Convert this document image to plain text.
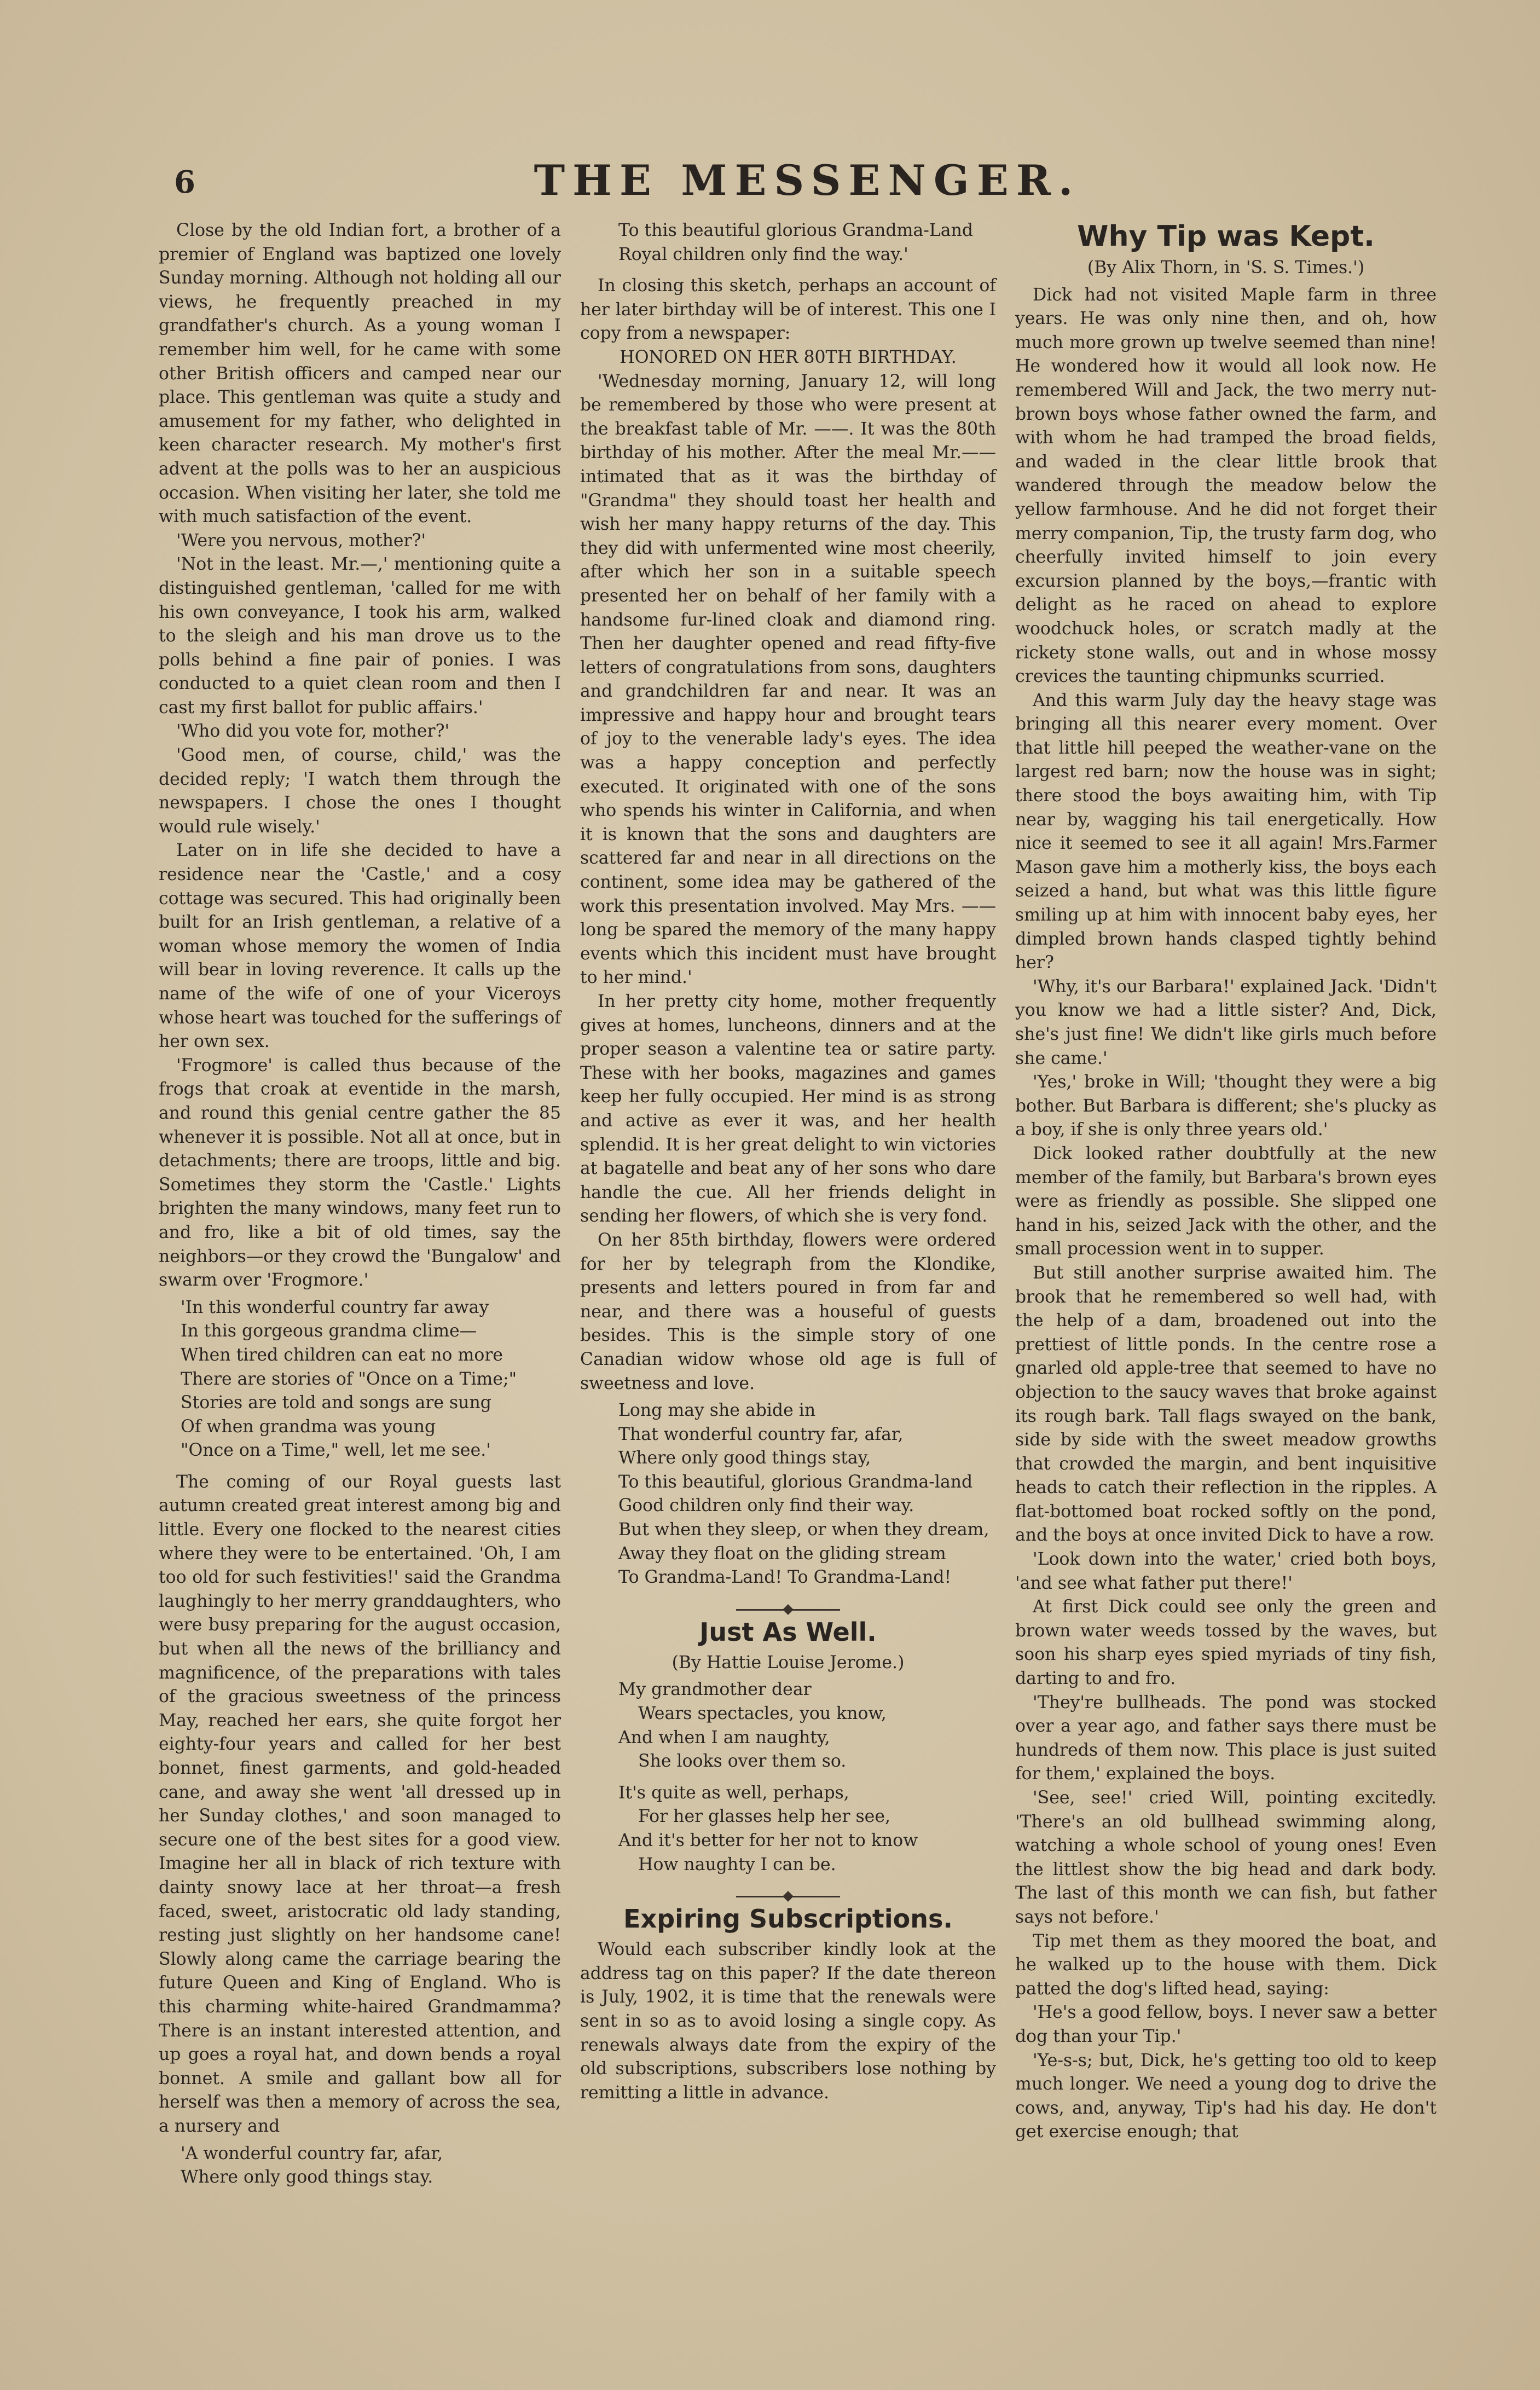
6	THE MESSENGER.

Close by the old Indian fort, a brother of a premier of England was baptized one lovely Sunday morning. Although not holding all our views, he frequently preached in my grandfather's church. As a young woman I remember him well, for he came with some other British officers and camped near our place. This gentleman was quite a study and amusement for my father, who delighted in keen character research. My mother's first advent at the polls was to her an auspicious occasion. When visiting her later, she told me with much satisfaction of the event.

'Were you nervous, mother?'

'Not in the least. Mr.—,' mentioning quite a distinguished gentleman, 'called for me with his own conveyance, I took his arm, walked to the sleigh and his man drove us to the polls behind a fine pair of ponies. I was conducted to a quiet clean room and then I cast my first ballot for public affairs.'

'Who did you vote for, mother?'

'Good men, of course, child,' was the decided reply; 'I watch them through the newspapers. I chose the ones I thought would rule wisely.'

Later on in life she decided to have a residence near the 'Castle,' and a cosy cottage was secured. This had originally been built for an Irish gentleman, a relative of a woman whose memory the women of India will bear in loving reverence. It calls up the name of the wife of one of your Viceroys whose heart was touched for the sufferings of her own sex.

'Frogmore' is called thus because of the frogs that croak at eventide in the marsh, and round this genial centre gather the 85 whenever it is possible. Not all at once, but in detachments; there are troops, little and big. Sometimes they storm the 'Castle.' Lights brighten the many windows, many feet run to and fro, like a bit of old times, say the neighbors—or they crowd the 'Bungalow' and swarm over 'Frogmore.'

'In this wonderful country far away
In this gorgeous grandma clime—
When tired children can eat no more
There are stories of "Once on a Time;"
Stories are told and songs are sung
Of when grandma was young
"Once on a Time," well, let me see.'

The coming of our Royal guests last autumn created great interest among big and little. Every one flocked to the nearest cities where they were to be entertained. 'Oh, I am too old for such festivities!' said the Grandma laughingly to her merry granddaughters, who were busy preparing for the august occasion, but when all the news of the brilliancy and magnificence, of the preparations with tales of the gracious sweetness of the princess May, reached her ears, she quite forgot her eighty-four years and called for her best bonnet, finest garments, and gold-headed cane, and away she went 'all dressed up in her Sunday clothes,' and soon managed to secure one of the best sites for a good view. Imagine her all in black of rich texture with dainty snowy lace at her throat—a fresh faced, sweet, aristocratic old lady standing, resting just slightly on her handsome cane! Slowly along came the carriage bearing the future Queen and King of England. Who is this charming white-haired Grandmamma? There is an instant interested attention, and up goes a royal hat, and down bends a royal bonnet. A smile and gallant bow all for herself was then a memory of across the sea, a nursery and

'A wonderful country far, afar,
Where only good things stay.
To this beautiful glorious Grandma-Land
Royal children only find the way.'

In closing this sketch, perhaps an account of her later birthday will be of interest. This one I copy from a newspaper:

HONORED ON HER 80TH BIRTHDAY.

'Wednesday morning, January 12, will long be remembered by those who were present at the breakfast table of Mr. ——. It was the 80th birthday of his mother. After the meal Mr.—— intimated that as it was the birthday of "Grandma" they should toast her health and wish her many happy returns of the day. This they did with unfermented wine most cheerily, after which her son in a suitable speech presented her on behalf of her family with a handsome fur-lined cloak and diamond ring. Then her daughter opened and read fifty-five letters of congratulations from sons, daughters and grandchildren far and near. It was an impressive and happy hour and brought tears of joy to the venerable lady's eyes. The idea was a happy conception and perfectly executed. It originated with one of the sons who spends his winter in California, and when it is known that the sons and daughters are scattered far and near in all directions on the continent, some idea may be gathered of the work this presentation involved. May Mrs. —— long be spared the memory of the many happy events which this incident must have brought to her mind.'

In her pretty city home, mother frequently gives at homes, luncheons, dinners and at the proper season a valentine tea or satire party. These with her books, magazines and games keep her fully occupied. Her mind is as strong and active as ever it was, and her health splendid. It is her great delight to win victories at bagatelle and beat any of her sons who dare handle the cue. All her friends delight in sending her flowers, of which she is very fond.

On her 85th birthday, flowers were ordered for her by telegraph from the Klondike, presents and letters poured in from far and near, and there was a houseful of guests besides. This is the simple story of one Canadian widow whose old age is full of sweetness and love.

Long may she abide in
That wonderful country far, afar,
Where only good things stay,
To this beautiful, glorious Grandma-land
Good children only find their way.
But when they sleep, or when they dream,
Away they float on the gliding stream
To Grandma-Land! To Grandma-Land!
Just As Well.
(By Hattie Louise Jerome.)
My grandmother dear
Wears spectacles, you know,
And when I am naughty,
She looks over them so.
It's quite as well, perhaps,
For her glasses help her see,
And it's better for her not to know
How naughty I can be.
Expiring Subscriptions.

Would each subscriber kindly look at the address tag on this paper? If the date thereon is July, 1902, it is time that the renewals were sent in so as to avoid losing a single copy. As renewals always date from the expiry of the old subscriptions, subscribers lose nothing by remitting a little in advance.

Why Tip was Kept.
(By Alix Thorn, in 'S. S. Times.')

Dick had not visited Maple farm in three years. He was only nine then, and oh, how much more grown up twelve seemed than nine! He wondered how it would all look now. He remembered Will and Jack, the two merry nut-brown boys whose father owned the farm, and with whom he had tramped the broad fields, and waded in the clear little brook that wandered through the meadow below the yellow farmhouse. And he did not forget their merry companion, Tip, the trusty farm dog, who cheerfully invited himself to join every excursion planned by the boys,—frantic with delight as he raced on ahead to explore woodchuck holes, or scratch madly at the rickety stone walls, out and in whose mossy crevices the taunting chipmunks scurried.

And this warm July day the heavy stage was bringing all this nearer every moment. Over that little hill peeped the weather-vane on the largest red barn; now the house was in sight; there stood the boys awaiting him, with Tip near by, wagging his tail energetically. How nice it seemed to see it all again! Mrs.Farmer Mason gave him a motherly kiss, the boys each seized a hand, but what was this little figure smiling up at him with innocent baby eyes, her dimpled brown hands clasped tightly behind her?

'Why, it's our Barbara!' explained Jack. 'Didn't you know we had a little sister? And, Dick, she's just fine! We didn't like girls much before she came.'

'Yes,' broke in Will; 'thought they were a big bother. But Barbara is different; she's plucky as a boy, if she is only three years old.'

Dick looked rather doubtfully at the new member of the family, but Barbara's brown eyes were as friendly as possible. She slipped one hand in his, seized Jack with the other, and the small procession went in to supper.

But still another surprise awaited him. The brook that he remembered so well had, with the help of a dam, broadened out into the prettiest of little ponds. In the centre rose a gnarled old apple-tree that seemed to have no objection to the saucy waves that broke against its rough bark. Tall flags swayed on the bank, side by side with the sweet meadow growths that crowded the margin, and bent inquisitive heads to catch their reflection in the ripples. A flat-bottomed boat rocked softly on the pond, and the boys at once invited Dick to have a row.

'Look down into the water,' cried both boys, 'and see what father put there!'

At first Dick could see only the green and brown water weeds tossed by the waves, but soon his sharp eyes spied myriads of tiny fish, darting to and fro.

'They're bullheads. The pond was stocked over a year ago, and father says there must be hundreds of them now. This place is just suited for them,' explained the boys.

'See, see!' cried Will, pointing excitedly. 'There's an old bullhead swimming along, watching a whole school of young ones! Even the littlest show the big head and dark body. The last of this month we can fish, but father says not before.'

Tip met them as they moored the boat, and he walked up to the house with them. Dick patted the dog's lifted head, saying:

'He's a good fellow, boys. I never saw a better dog than your Tip.'

'Ye-s-s; but, Dick, he's getting too old to keep much longer. We need a young dog to drive the cows, and, anyway, Tip's had his day. He don't get exercise enough; that
